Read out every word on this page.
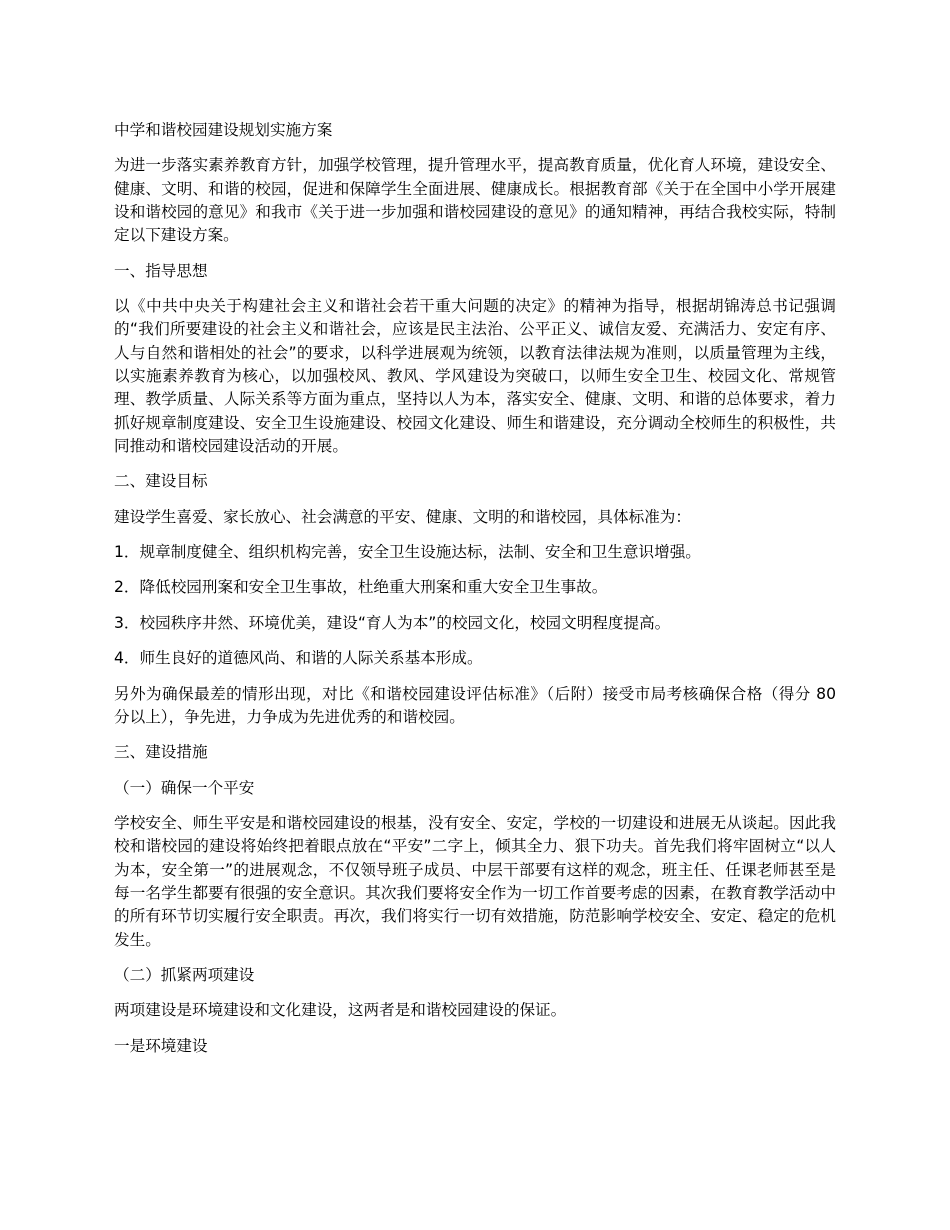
中学和谐校园建设规划实施方案

为进一步落实素养教育方针，加强学校管理，提升管理水平，提高教育质量，优化育人环境，建设安全、健康、文明、和谐的校园，促进和保障学生全面进展、健康成长。根据教育部《关于在全国中小学开展建设和谐校园的意见》和我市《关于进一步加强和谐校园建设的意见》的通知精神，再结合我校实际，特制定以下建设方案。

一、指导思想

以《中共中央关于构建社会主义和谐社会若干重大问题的决定》的精神为指导，根据胡锦涛总书记强调的“我们所要建设的社会主义和谐社会，应该是民主法治、公平正义、诚信友爱、充满活力、安定有序、人与自然和谐相处的社会”的要求，以科学进展观为统领，以教育法律法规为准则，以质量管理为主线，以实施素养教育为核心，以加强校风、教风、学风建设为突破口，以师生安全卫生、校园文化、常规管理、教学质量、人际关系等方面为重点，坚持以人为本，落实安全、健康、文明、和谐的总体要求，着力抓好规章制度建设、安全卫生设施建设、校园文化建设、师生和谐建设，充分调动全校师生的积极性，共同推动和谐校园建设活动的开展。

二、建设目标

建设学生喜爱、家长放心、社会满意的平安、健康、文明的和谐校园，具体标准为：

1．规章制度健全、组织机构完善，安全卫生设施达标，法制、安全和卫生意识增强。

2．降低校园刑案和安全卫生事故，杜绝重大刑案和重大安全卫生事故。

3．校园秩序井然、环境优美，建设“育人为本”的校园文化，校园文明程度提高。

4．师生良好的道德风尚、和谐的人际关系基本形成。

另外为确保最差的情形出现，对比《和谐校园建设评估标准》（后附）接受市局考核确保合格（得分 80 分以上），争先进，力争成为先进优秀的和谐校园。

三、建设措施

（一）确保一个平安

学校安全、师生平安是和谐校园建设的根基，没有安全、安定，学校的一切建设和进展无从谈起。因此我校和谐校园的建设将始终把着眼点放在“平安”二字上，倾其全力、狠下功夫。首先我们将牢固树立“以人为本，安全第一”的进展观念，不仅领导班子成员、中层干部要有这样的观念，班主任、任课老师甚至是每一名学生都要有很强的安全意识。其次我们要将安全作为一切工作首要考虑的因素，在教育教学活动中的所有环节切实履行安全职责。再次，我们将实行一切有效措施，防范影响学校安全、安定、稳定的危机发生。

（二）抓紧两项建设

两项建设是环境建设和文化建设，这两者是和谐校园建设的保证。

一是环境建设
